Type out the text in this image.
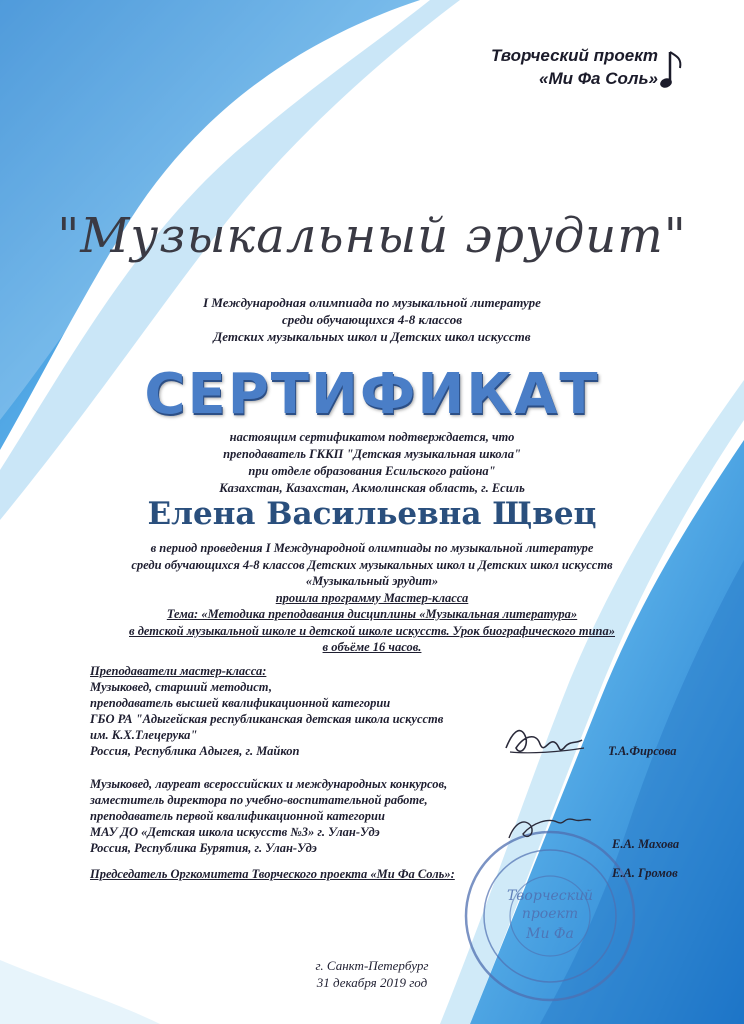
Творческий проект
«Ми Фа Соль»
"Музыкальный эрудит"
I Международная олимпиада по музыкальной литературе
среди обучающихся 4-8 классов
Детских музыкальных школ и Детских школ искусств
СЕРТИФИКАТ
настоящим сертификатом подтверждается, что
преподаватель ГККП "Детская музыкальная школа"
при отделе образования Есильского района"
Казахстан, Казахстан, Акмолинская область, г. Есиль
Елена Васильевна Щвец
в период проведения I Международной олимпиады по музыкальной литературе
среди обучающихся 4-8 классов Детских музыкальных школ и Детских школ искусств
«Музыкальный эрудит»
прошла программу Мастер-класса
Тема: «Методика преподавания дисциплины «Музыкальная литература»
в детской музыкальной школе и детской школе искусств. Урок биографического типа»
в объёме 16 часов.
Преподаватели мастер-класса:
Музыковед, старший методист,
преподаватель высшей квалификационной категории
ГБО РА "Адыгейская республиканская детская школа искусств
им. К.Х.Тлецерука"
Россия, Республика Адыгея, г. Майкоп	Т.А.Фирсова
Музыковед, лауреат всероссийских и международных конкурсов,
заместитель директора по учебно-воспитательной работе,
преподаватель первой квалификационной категории
МАУ ДО «Детская школа искусств №3» г. Улан-Удэ
Россия, Республика Бурятия, г. Улан-Удэ
Творческий
проект
Ми Фа
Е.А. Махова
Председатель Оргкомитета Творческого проекта «Ми Фа Соль»:	Е.А. Громов
г. Санкт-Петербург
31 декабря 2019 год
